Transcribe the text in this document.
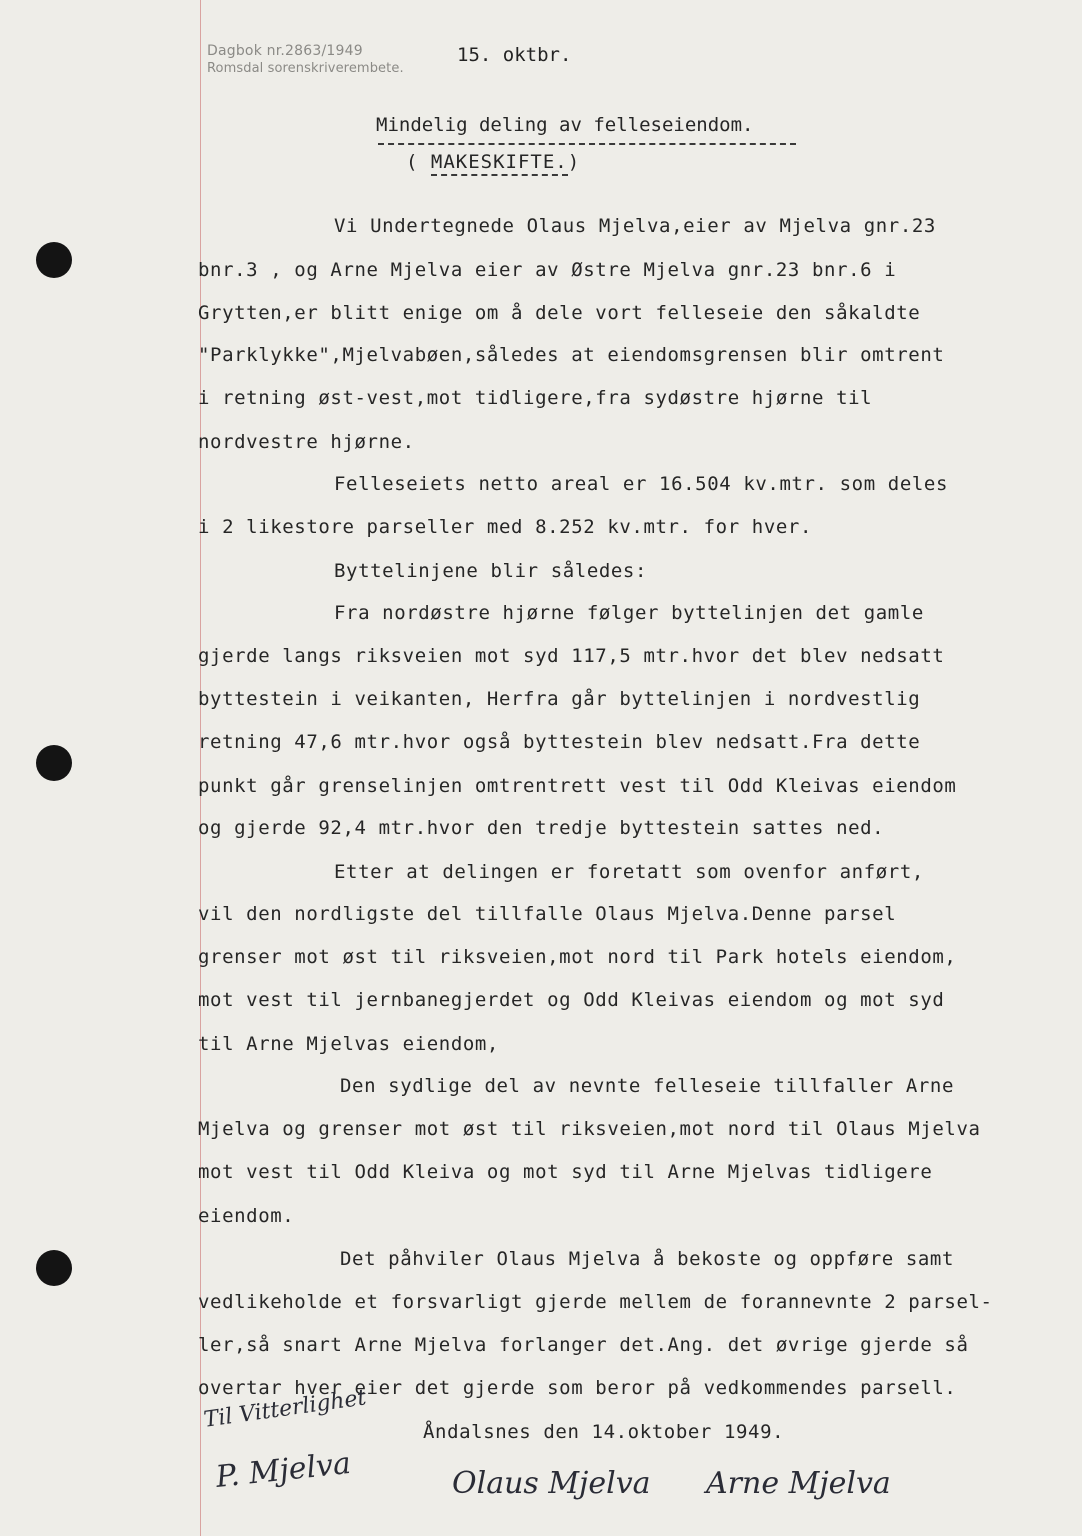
Dagbok nr.2863/1949
Romsdal sorenskriverembete.
15. oktbr.
Mindelig deling av felleseiendom.
( MAKESKIFTE.)
Vi Undertegnede Olaus Mjelva,eier av Mjelva gnr.23
bnr.3 , og Arne Mjelva eier av Østre Mjelva gnr.23 bnr.6 i
Grytten,er blitt enige om å dele vort felleseie den såkaldte
"Parklykke",Mjelvabøen,således at eiendomsgrensen blir omtrent
i retning øst-vest,mot tidligere,fra sydøstre hjørne til
nordvestre hjørne.
Felleseiets netto areal er 16.504 kv.mtr. som deles
i 2 likestore parseller med 8.252 kv.mtr. for hver.
Byttelinjene blir således:
Fra nordøstre hjørne følger byttelinjen det gamle
gjerde langs riksveien mot syd 117,5 mtr.hvor det blev nedsatt
byttestein i veikanten, Herfra går byttelinjen i nordvestlig
retning 47,6 mtr.hvor også byttestein blev nedsatt.Fra dette
punkt går grenselinjen omtrentrett vest til Odd Kleivas eiendom
og gjerde 92,4 mtr.hvor den tredje byttestein sattes ned.
Etter at delingen er foretatt som ovenfor anført,
vil den nordligste del tillfalle Olaus Mjelva.Denne parsel
grenser mot øst til riksveien,mot nord til Park hotels eiendom,
mot vest til jernbanegjerdet og Odd Kleivas eiendom og mot syd
til Arne Mjelvas eiendom,
Den sydlige del av nevnte felleseie tillfaller Arne
Mjelva og grenser mot øst til riksveien,mot nord til Olaus Mjelva
mot vest til Odd Kleiva og mot syd til Arne Mjelvas tidligere
eiendom.
Det påhviler Olaus Mjelva å bekoste og oppføre samt
vedlikeholde et forsvarligt gjerde mellem de forannevnte 2 parsel-
ler,så snart Arne Mjelva forlanger det.Ang. det øvrige gjerde så
overtar hver eier det gjerde som beror på vedkommendes parsell.
Åndalsnes den 14.oktober 1949.
Til Vitterlighet
P. Mjelva	Olaus Mjelva Arne Mjelva
